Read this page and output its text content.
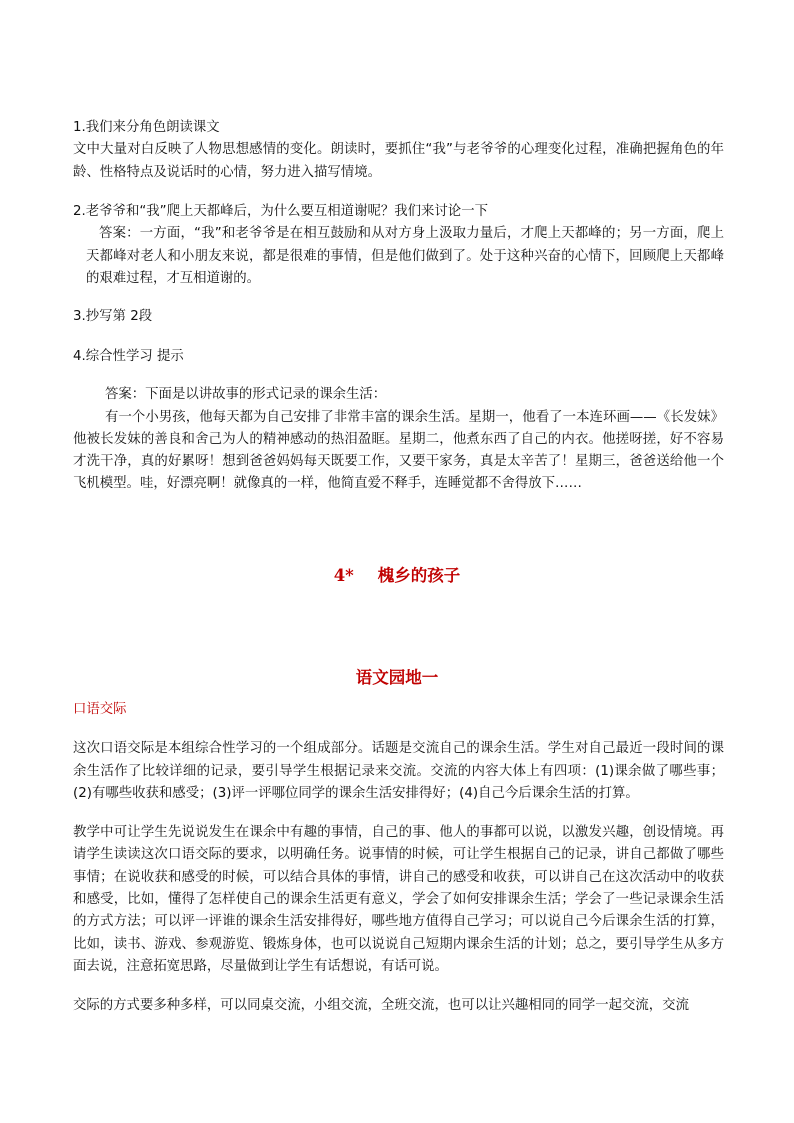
1.我们来分角色朗读课文

文中大量对白反映了人物思想感情的变化。朗读时，要抓住“我”与老爷爷的心理变化过程，准确把握角色的年龄、性格特点及说话时的心情，努力进入描写情境。

2.老爷爷和“我”爬上天都峰后，为什么要互相道谢呢？我们来讨论一下

答案：一方面，“我”和老爷爷是在相互鼓励和从对方身上汲取力量后，才爬上天都峰的；另一方面，爬上天都峰对老人和小朋友来说，都是很难的事情，但是他们做到了。处于这种兴奋的心情下，回顾爬上天都峰的艰难过程，才互相道谢的。

3.抄写第 2段

4.综合性学习 提示

答案：下面是以讲故事的形式记录的课余生活：

有一个小男孩，他每天都为自己安排了非常丰富的课余生活。星期一，他看了一本连环画——《长发妹》他被长发妹的善良和舍己为人的精神感动的热泪盈眶。星期二，他煮东西了自己的内衣。他搓呀搓，好不容易才洗干净，真的好累呀！想到爸爸妈妈每天既要工作，又要干家务，真是太辛苦了！星期三，爸爸送给他一个飞机模型。哇，好漂亮啊！就像真的一样，他简直爱不释手，连睡觉都不舍得放下……

4* 槐乡的孩子
语文园地一

口语交际

这次口语交际是本组综合性学习的一个组成部分。话题是交流自己的课余生活。学生对自己最近一段时间的课余生活作了比较详细的记录，要引导学生根据记录来交流。交流的内容大体上有四项：(1)课余做了哪些事；(2)有哪些收获和感受；(3)评一评哪位同学的课余生活安排得好；(4)自己今后课余生活的打算。

教学中可让学生先说说发生在课余中有趣的事情，自己的事、他人的事都可以说，以激发兴趣，创设情境。再请学生读读这次口语交际的要求，以明确任务。说事情的时候，可让学生根据自己的记录，讲自己都做了哪些事情；在说收获和感受的时候，可以结合具体的事情，讲自己的感受和收获，可以讲自己在这次活动中的收获和感受，比如，懂得了怎样使自己的课余生活更有意义，学会了如何安排课余生活；学会了一些记录课余生活的方式方法；可以评一评谁的课余生活安排得好，哪些地方值得自己学习；可以说自己今后课余生活的打算，比如，读书、游戏、参观游览、锻炼身体，也可以说说自己短期内课余生活的计划；总之，要引导学生从多方面去说，注意拓宽思路，尽量做到让学生有话想说，有话可说。

交际的方式要多种多样，可以同桌交流，小组交流，全班交流，也可以让兴趣相同的同学一起交流，交流
